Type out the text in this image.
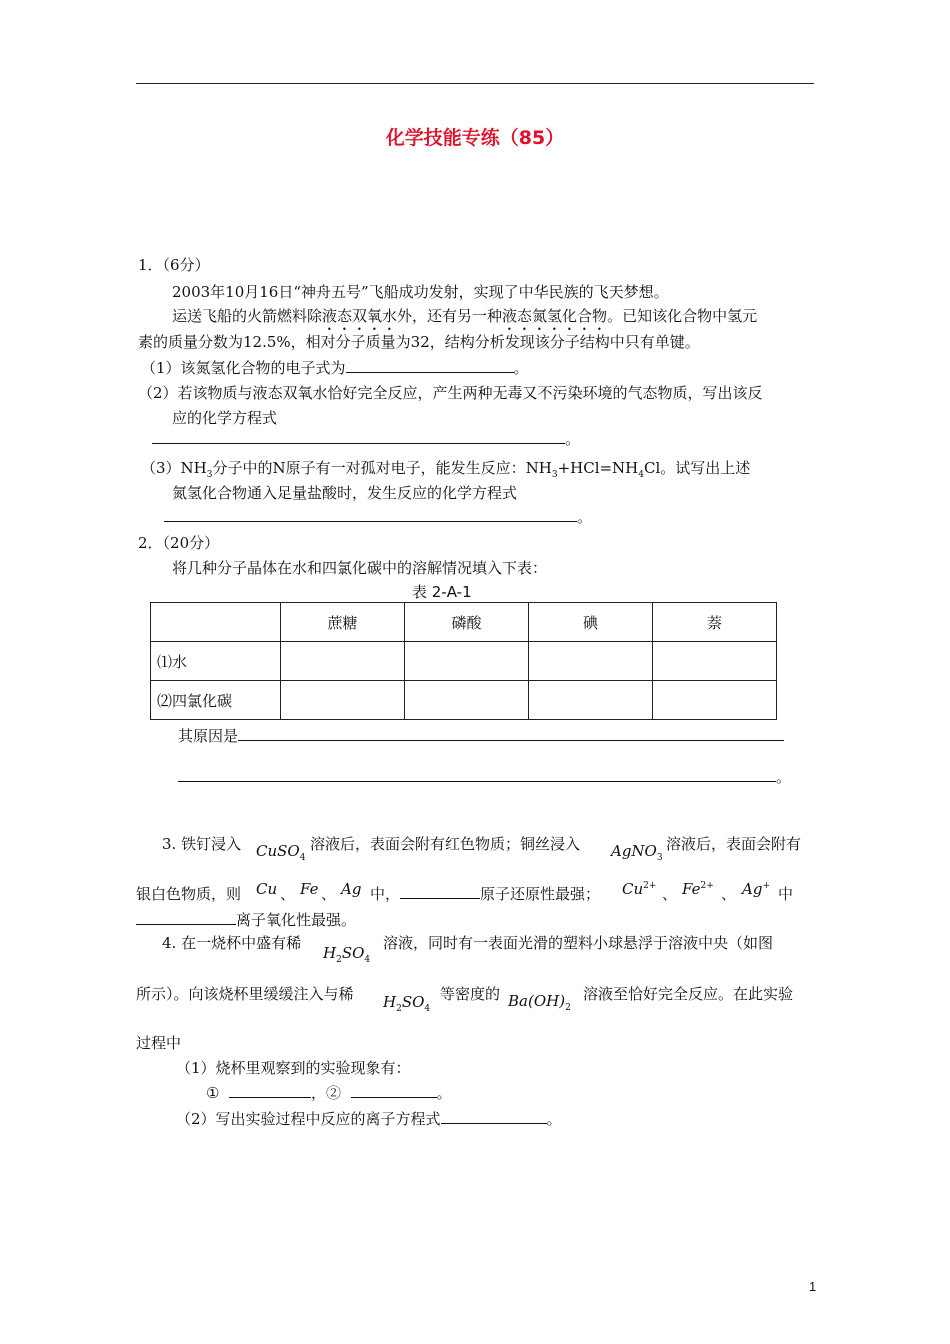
化学技能专练（85）
1．（6分）
2003年10月16日“神舟五号”飞船成功发射，实现了中华民族的飞天梦想。
运送飞船的火箭燃料除液态双氧水外，还有另一种液态氮氢化合物。已知该化合物中氢元
素的质量分数为12.5%，相对分子质量为32，结构分析发现该分子结构中只有单键。
（1）该氮氢化合物的电子式为	。
（2）若该物质与液态双氧水恰好完全反应，产生两种无毒又不污染环境的气态物质，写出该反
应的化学方程式
。
$(3)NH_3$分子中的N原子有一对孤对电子，能发生反应：$NH_3+HCl=NH_4Cl$。试写出上述
氮氢化合物通入足量盐酸时，发生反应的化学方程式
。
2．（20分）
将几种分子晶体在水和四氯化碳中的溶解情况填入下表：
表 2-A-1
	蔗糖	磷酸	碘	萘
⑴水				
⑵四氯化碳				
其原因是
。
3. 铁钉浸入 CuSO$_4$
溶液后，表面会附有红色物质；铜丝浸入 AgNO$_3$
溶液后，表面会附有
银白色物质，则 Cu 、 Fe 、 Ag 中，	原子还原性最强； $Cu^{2+}$ 、 $Fe^{2+}$ 、 Ag+ 中
离子氧化性最强。
4. 在一烧杯中盛有稀
$H_2SO_4$
溶液，同时有一表面光滑的塑料小球悬浮于溶液中央（如图
所示）。向该烧杯里缓缓注入与稀 $H_2SO_4$
等密度的 $Ba(OH)_2$
溶液至恰好完全反应。在此实验
过程中
（1）烧杯里观察到的实验现象有：
①	，②	。
（2）写出实验过程中反应的离子方程式	。
1
